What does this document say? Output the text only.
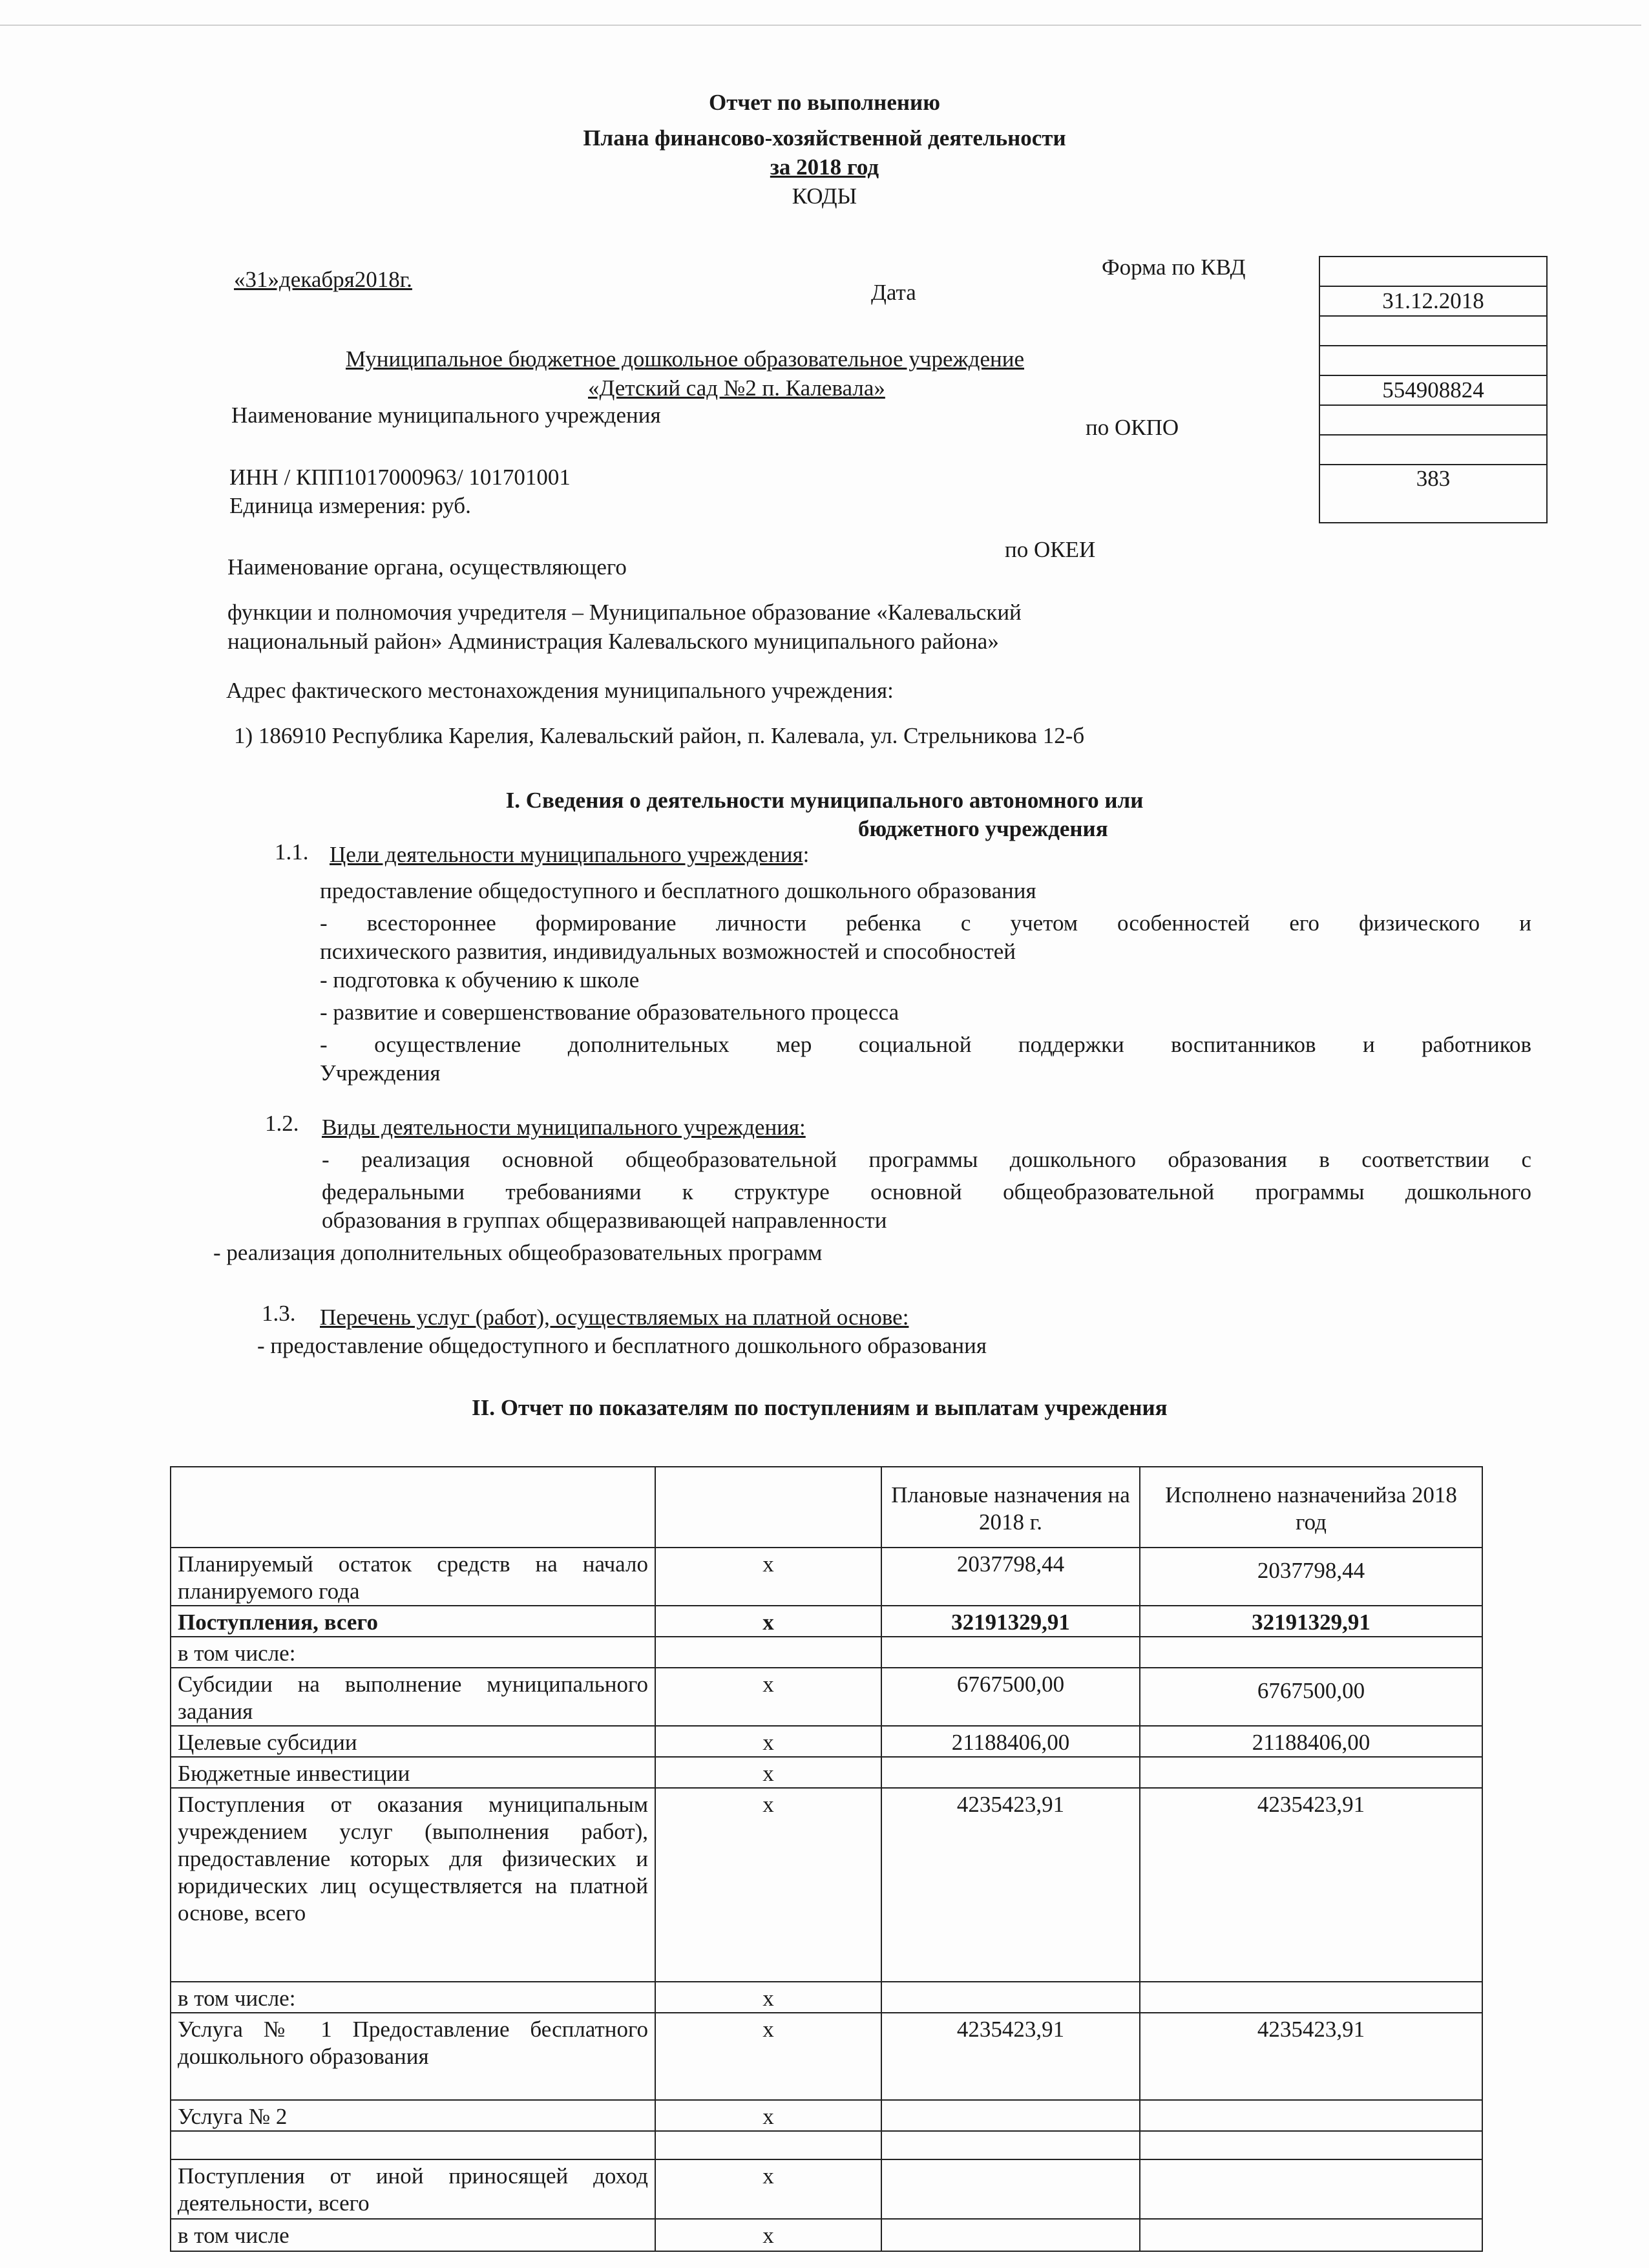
Отчет по выполнению
Плана финансово-хозяйственной деятельности
за 2018 год
КОДЫ
Форма по КВД
«31»декабря2018г.
Дата
Муниципальное бюджетное дошкольное образовательное учреждение
«Детский сад №2 п. Калевала»
Наименование муниципального учреждения	по ОКПО
ИНН / КПП1017000963/ 101701001
Единица измерения: руб.
по ОКЕИ
Наименование органа, осуществляющего
функции и полномочия учредителя – Муниципальное образование «Калевальский
национальный район» Администрация Калевальского муниципального района»
Адрес фактического местонахождения муниципального учреждения:
1) 186910 Республика Карелия, Калевальский район, п. Калевала, ул. Стрельникова 12-б

31.12.2018

554908824

383
I. Сведения о деятельности муниципального автономного или
бюджетного учреждения
1.1. Цели деятельности муниципального учреждения:
предоставление общедоступного и бесплатного дошкольного образования
- всестороннее формирование личности ребенка с учетом особенностей его физического и
психического развития, индивидуальных возможностей и способностей
- подготовка к обучению к школе
- развитие и совершенствование образовательного процесса
- осуществление дополнительных мер социальной поддержки воспитанников и работников
Учреждения
1.2. Виды деятельности муниципального учреждения:
- реализация основной общеобразовательной программы дошкольного образования в соответствии с
федеральными требованиями к структуре основной общеобразовательной программы дошкольного
образования в группах общеразвивающей направленности
- реализация дополнительных общеобразовательных программ
1.3. Перечень услуг (работ), осуществляемых на платной основе:
- предоставление общедоступного и бесплатного дошкольного образования
II. Отчет по показателям по поступлениям и выплатам учреждения
		Плановые назначения на 2018 г.	Исполнено назначенийза 2018 год
Планируемый остаток средств на начало планируемого года	x	2037798,44	2037798,44
Поступления, всего	x	32191329,91	32191329,91
в том числе:			
Субсидии на выполнение муниципального задания	x	6767500,00	6767500,00
Целевые субсидии	x	21188406,00	21188406,00
Бюджетные инвестиции	x		
Поступления от оказания муниципальным учреждением услуг (выполнения работ), предоставление которых для физических и юридических лиц осуществляется на платной основе, всего	x	4235423,91	4235423,91
в том числе:	x		
Услуга № 1 Предоставление бесплатного дошкольного образования	x	4235423,91	4235423,91
Услуга № 2	x		

Поступления от иной приносящей доход деятельности, всего	x		
в том числе	x		
